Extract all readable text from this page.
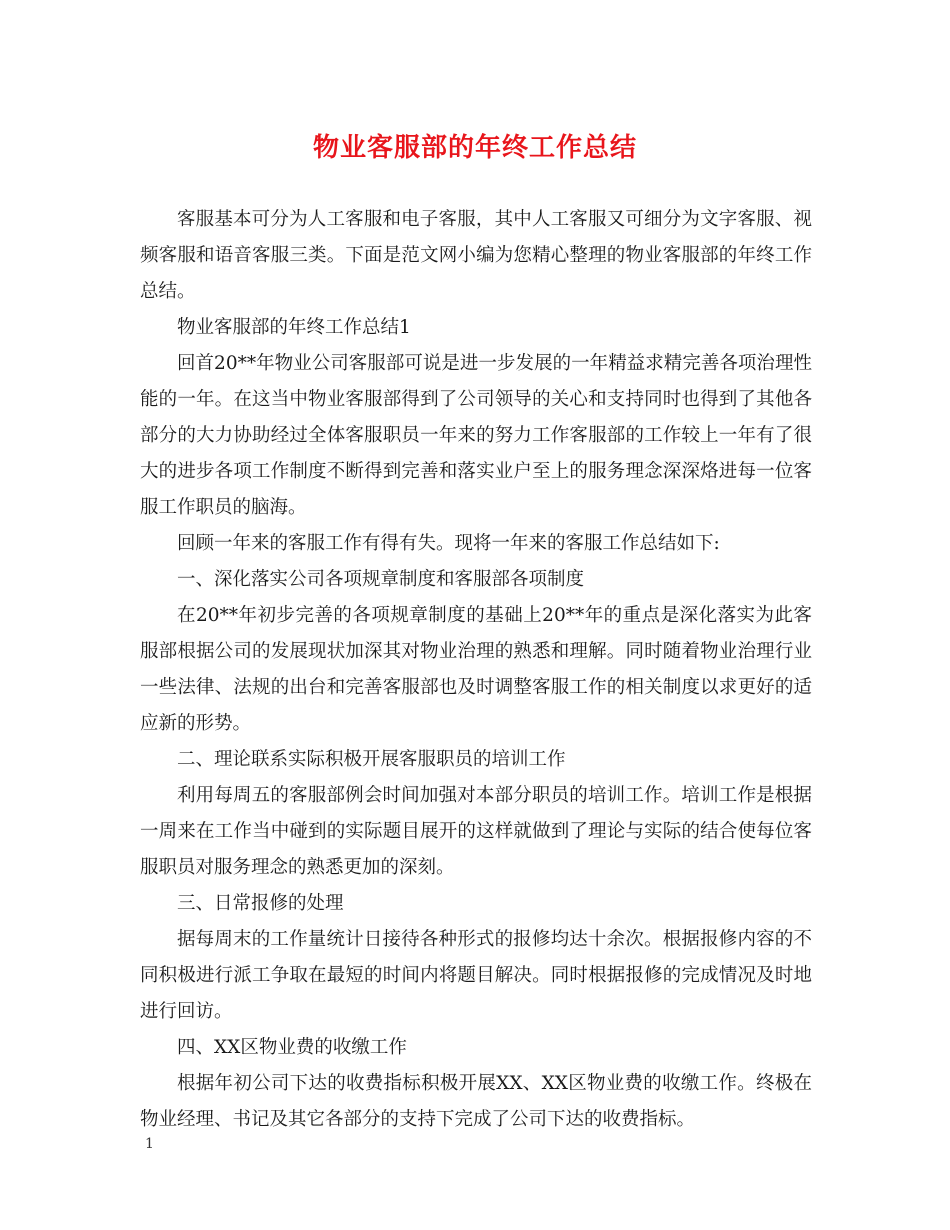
物业客服部的年终工作总结

客服基本可分为人工客服和电子客服，其中人工客服又可细分为文字客服、视频客服和语音客服三类。下面是范文网小编为您精心整理的物业客服部的年终工作总结。

物业客服部的年终工作总结1

回首20**年物业公司客服部可说是进一步发展的一年精益求精完善各项治理性能的一年。在这当中物业客服部得到了公司领导的关心和支持同时也得到了其他各部分的大力协助经过全体客服职员一年来的努力工作客服部的工作较上一年有了很大的进步各项工作制度不断得到完善和落实业户至上的服务理念深深烙进每一位客服工作职员的脑海。

回顾一年来的客服工作有得有失。现将一年来的客服工作总结如下:

一、深化落实公司各项规章制度和客服部各项制度

在20**年初步完善的各项规章制度的基础上20**年的重点是深化落实为此客服部根据公司的发展现状加深其对物业治理的熟悉和理解。同时随着物业治理行业一些法律、法规的出台和完善客服部也及时调整客服工作的相关制度以求更好的适应新的形势。

二、理论联系实际积极开展客服职员的培训工作

利用每周五的客服部例会时间加强对本部分职员的培训工作。培训工作是根据一周来在工作当中碰到的实际题目展开的这样就做到了理论与实际的结合使每位客服职员对服务理念的熟悉更加的深刻。

三、日常报修的处理

据每周末的工作量统计日接待各种形式的报修均达十余次。根据报修内容的不同积极进行派工争取在最短的时间内将题目解决。同时根据报修的完成情况及时地进行回访。

四、XX区物业费的收缴工作

根据年初公司下达的收费指标积极开展XX、XX区物业费的收缴工作。终极在物业经理、书记及其它各部分的支持下完成了公司下达的收费指标。

1
